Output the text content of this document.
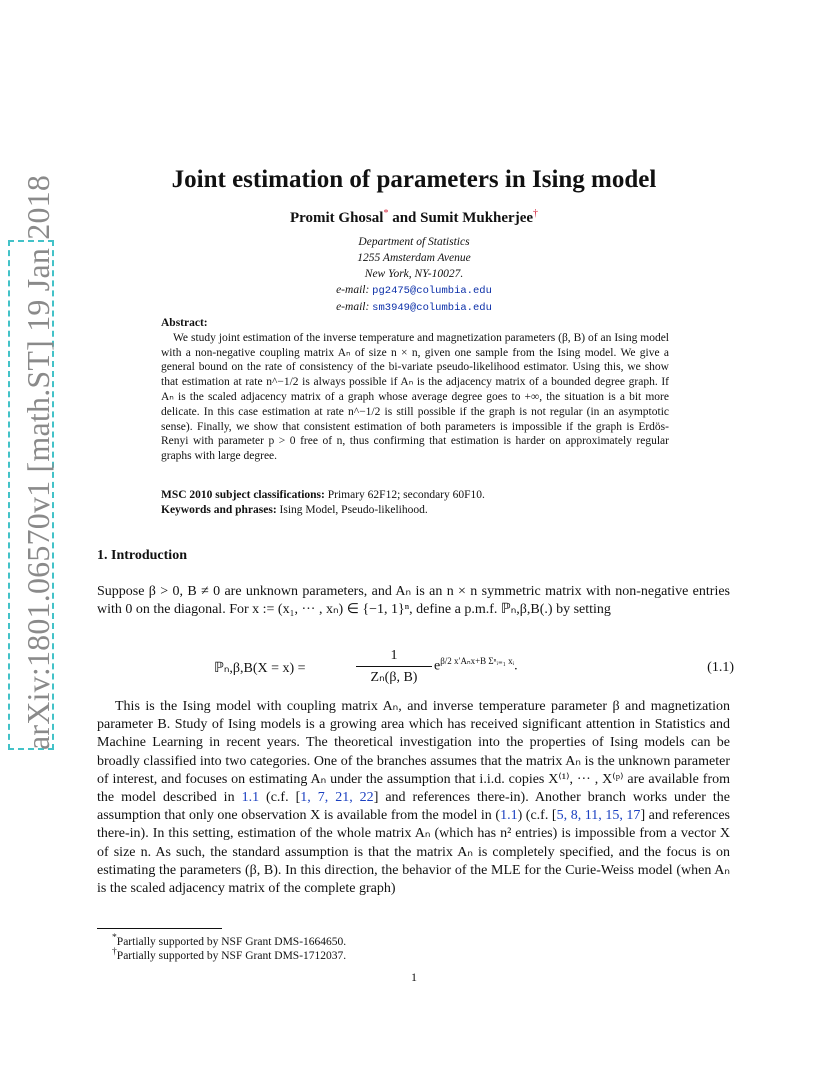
arXiv:1801.06570v1 [math.ST] 19 Jan 2018	Joint estimation of parameters in Ising model
Promit Ghosal* and Sumit Mukherjee†
Department of Statistics
1255 Amsterdam Avenue
New York, NY-10027.
e-mail: pg2475@columbia.edu
e-mail: sm3949@columbia.edu
Abstract:

We study joint estimation of the inverse temperature and magnetization parameters (β, B) of an Ising model with a non-negative coupling matrix Aₙ of size n × n, given one sample from the Ising model. We give a general bound on the rate of consistency of the bi-variate pseudo-likelihood estimator. Using this, we show that estimation at rate n^−1/2 is always possible if Aₙ is the adjacency matrix of a bounded degree graph. If Aₙ is the scaled adjacency matrix of a graph whose average degree goes to +∞, the situation is a bit more delicate. In this case estimation at rate n^−1/2 is still possible if the graph is not regular (in an asymptotic sense). Finally, we show that consistent estimation of both parameters is impossible if the graph is Erdös-Renyi with parameter p > 0 free of n, thus confirming that estimation is harder on approximately regular graphs with large degree.

MSC 2010 subject classifications: Primary 62F12; secondary 60F10.
Keywords and phrases: Ising Model, Pseudo-likelihood.
1. Introduction
Suppose β > 0, B ≠ 0 are unknown parameters, and Aₙ is an n × n symmetric matrix with non-negative entries with 0 on the diagonal. For x := (x₁, ··· , xₙ) ∈ {−1, 1}ⁿ, define a p.m.f. ℙₙ,β,B(.) by setting
ℙₙ,β,B(X = x) =
1
Zₙ(β, B)
$e^{\beta/2 x'A_nx+B \Sigma^nᵢ_{=1} xᵢ}$.	(1.1)
This is the Ising model with coupling matrix Aₙ, and inverse temperature parameter β and magnetization parameter B. Study of Ising models is a growing area which has received significant attention in Statistics and Machine Learning in recent years. The theoretical investigation into the properties of Ising models can be broadly classified into two categories. One of the branches assumes that the matrix Aₙ is the unknown parameter of interest, and focuses on estimating Aₙ under the assumption that i.i.d. copies X⁽¹⁾, ··· , X⁽ᵖ⁾ are available from the model described in 1.1 (c.f. [1, 7, 21, 22] and references there-in). Another branch works under the assumption that only one observation X is available from the model in (1.1) (c.f. [5, 8, 11, 15, 17] and references there-in). In this setting, estimation of the whole matrix Aₙ (which has n² entries) is impossible from a vector X of size n. As such, the standard assumption is that the matrix Aₙ is completely specified, and the focus is on estimating the parameters (β, B). In this direction, the behavior of the MLE for the Curie-Weiss model (when Aₙ is the scaled adjacency matrix of the complete graph)
*Partially supported by NSF Grant DMS-1664650.
†Partially supported by NSF Grant DMS-1712037.
1
